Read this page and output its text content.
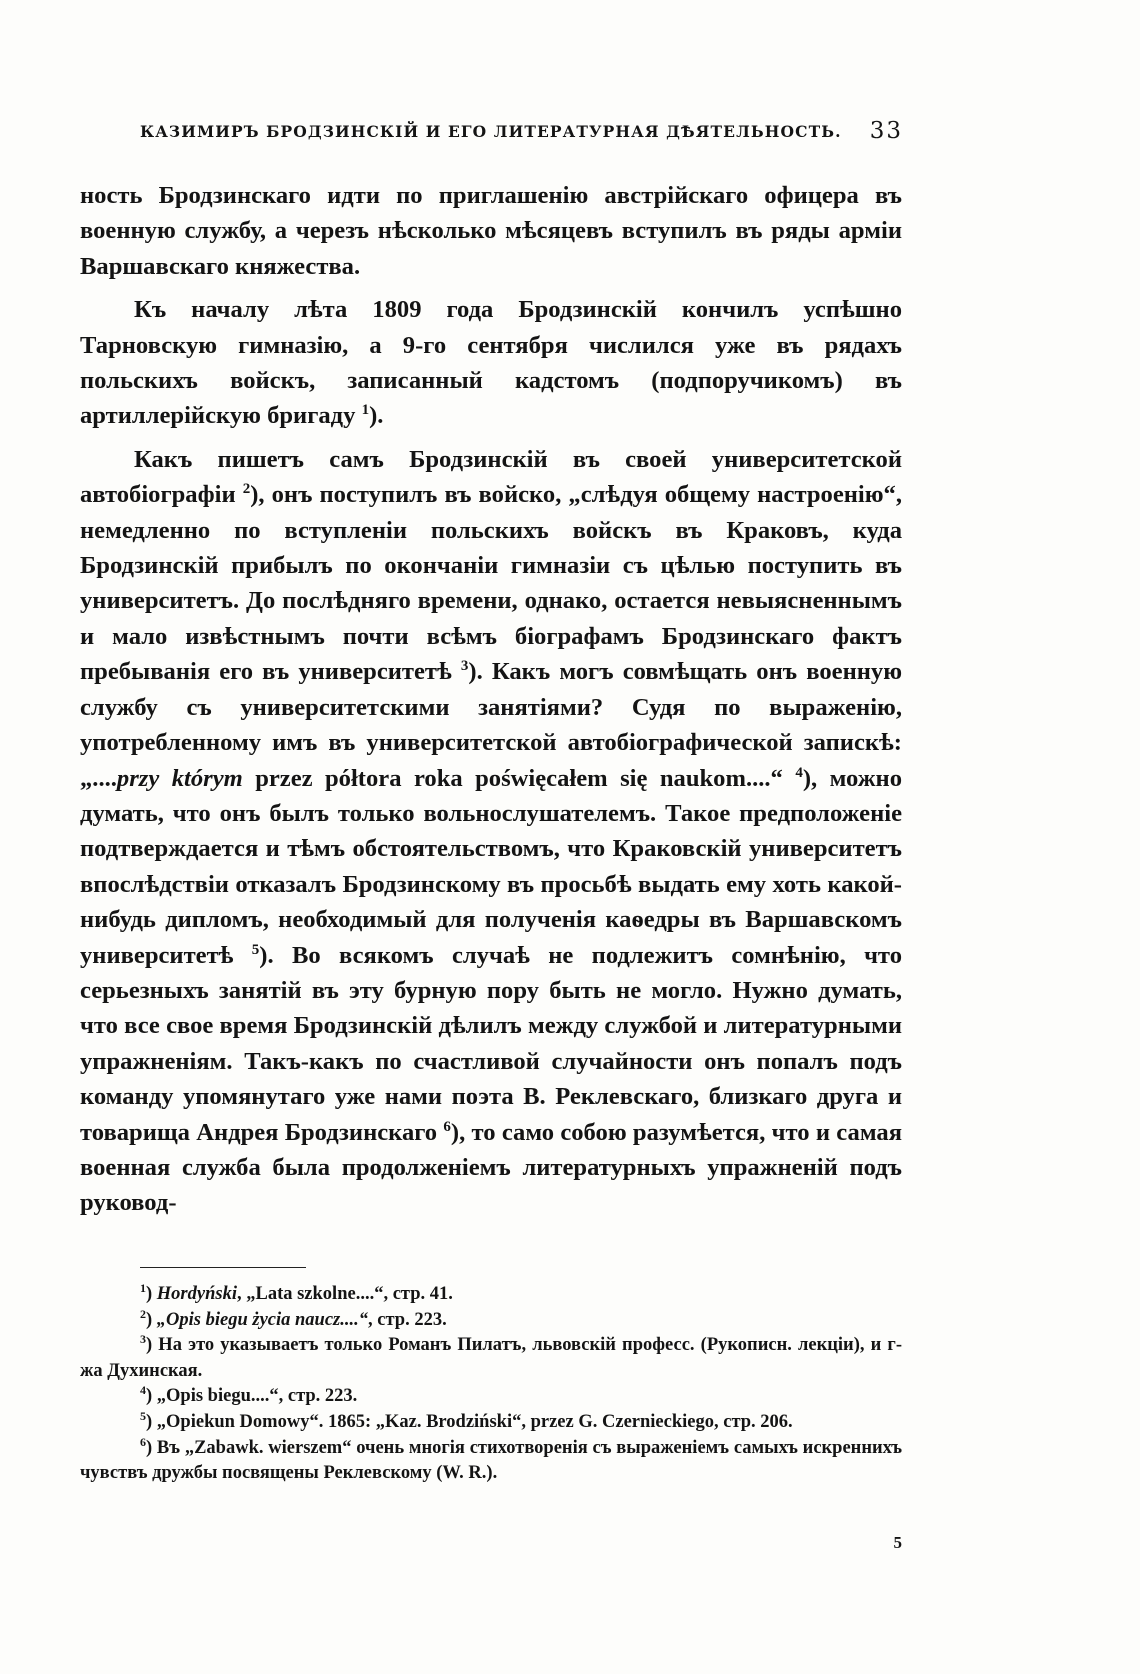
КАЗИМИРЪ БРОДЗИНСКІЙ И ЕГО ЛИТЕРАТУРНАЯ ДѢЯТЕЛЬНОСТЬ. 33

ность Бродзинскаго идти по приглашенію австрійскаго офицера въ военную службу, а черезъ нѣсколько мѣсяцевъ вступилъ въ ряды арміи Варшавскаго княжества.

Къ началу лѣта 1809 года Бродзинскій кончилъ успѣшно Тарновскую гимназію, а 9-го сентября числился уже въ рядахъ польскихъ войскъ, записанный кадстомъ (подпоручикомъ) въ артиллерійскую бригаду $^1$).

Какъ пишетъ самъ Бродзинскій въ своей университетской автобіографіи $^2$), онъ поступилъ въ войско, „слѣдуя общему настроенію“, немедленно по вступленіи польскихъ войскъ въ Краковъ, куда Бродзинскій прибылъ по окончаніи гимназіи съ цѣлью поступить въ университетъ. До послѣдняго времени, однако, остается невыясненнымъ и мало извѣстнымъ почти всѣмъ біографамъ Бродзинскаго фактъ пребыванія его въ университетѣ $^3$). Какъ могъ совмѣщать онъ военную службу съ университетскими занятіями? Судя по выраженію, употребленному имъ въ университетской автобіографической запискѣ: „....przy którym przez półtora roka poświęcałem się naukom....“ $^4$), можно думать, что онъ былъ только вольнослушателемъ. Такое предположеніе подтверждается и тѣмъ обстоятельствомъ, что Краковскій университетъ впослѣдствіи отказалъ Бродзинскому въ просьбѣ выдать ему хоть какой-нибудь дипломъ, необходимый для полученія каѳедры въ Варшавскомъ университетѣ $^5$). Во всякомъ случаѣ не подлежитъ сомнѣнію, что серьезныхъ занятій въ эту бурную пору быть не могло. Нужно думать, что все свое время Бродзинскій дѣлилъ между службой и литературными упражненіям. Такъ-какъ по счастливой случайности онъ попалъ подъ команду упомянутаго уже нами поэта В. Реклевскаго, близкаго друга и товарища Андрея Бродзинскаго $^6$), то само собою разумѣется, что и самая военная служба была продолженіемъ литературныхъ упражненій подъ руковод-

$^1$) Hordyński, „Lata szkolne....“, стр. 41.

$^2$) „Opis biegu życia naucz....“, стр. 223.

$^3$) На это указываетъ только Романъ Пилатъ, львовскій професс. (Рукописн. лекціи), и г-жа Духинская.

$^4$) „Opis biegu....“, стр. 223.

$^5$) „Opiekun Domowy“. 1865: „Kaz. Brodziński“, przez G. Czernieckiego, стр. 206.

$^6$) Въ „Zabawk. wierszem“ очень многія стихотворенія съ выраженіемъ самыхъ искреннихъ чувствъ дружбы посвящены Реклевскому (W. R.).

5
